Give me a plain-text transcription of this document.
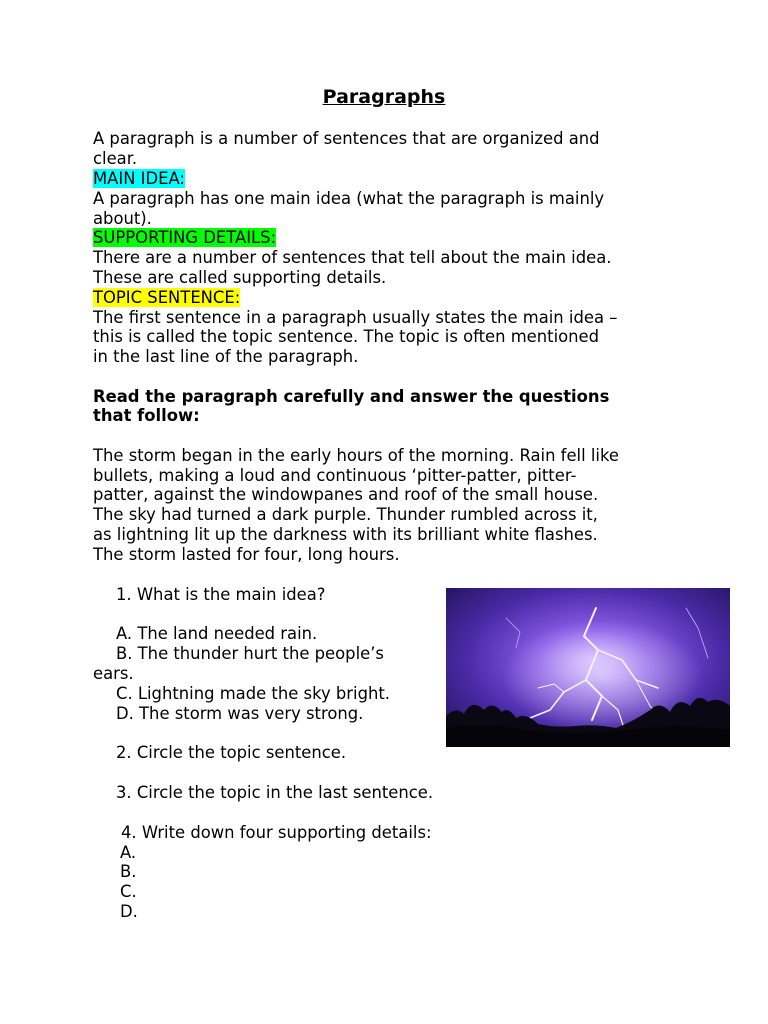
Paragraphs

A paragraph is a number of sentences that are organized and

clear.

MAIN IDEA:

A paragraph has one main idea (what the paragraph is mainly

about).

SUPPORTING DETAILS:

There are a number of sentences that tell about the main idea.

These are called supporting details.

TOPIC SENTENCE:

The first sentence in a paragraph usually states the main idea –

this is called the topic sentence. The topic is often mentioned

in the last line of the paragraph.

Read the paragraph carefully and answer the questions

that follow:

The storm began in the early hours of the morning. Rain fell like

bullets, making a loud and continuous ‘pitter-patter, pitter-

patter, against the windowpanes and roof of the small house.

The sky had turned a dark purple. Thunder rumbled across it,

as lightning lit up the darkness with its brilliant white flashes.

The storm lasted for four, long hours.

1. What is the main idea?

A. The land needed rain.

B. The thunder hurt the people’s

ears.

C. Lightning made the sky bright.

D. The storm was very strong.

2. Circle the topic sentence.

3. Circle the topic in the last sentence.

4. Write down four supporting details:

A.

B.

C.

D.
